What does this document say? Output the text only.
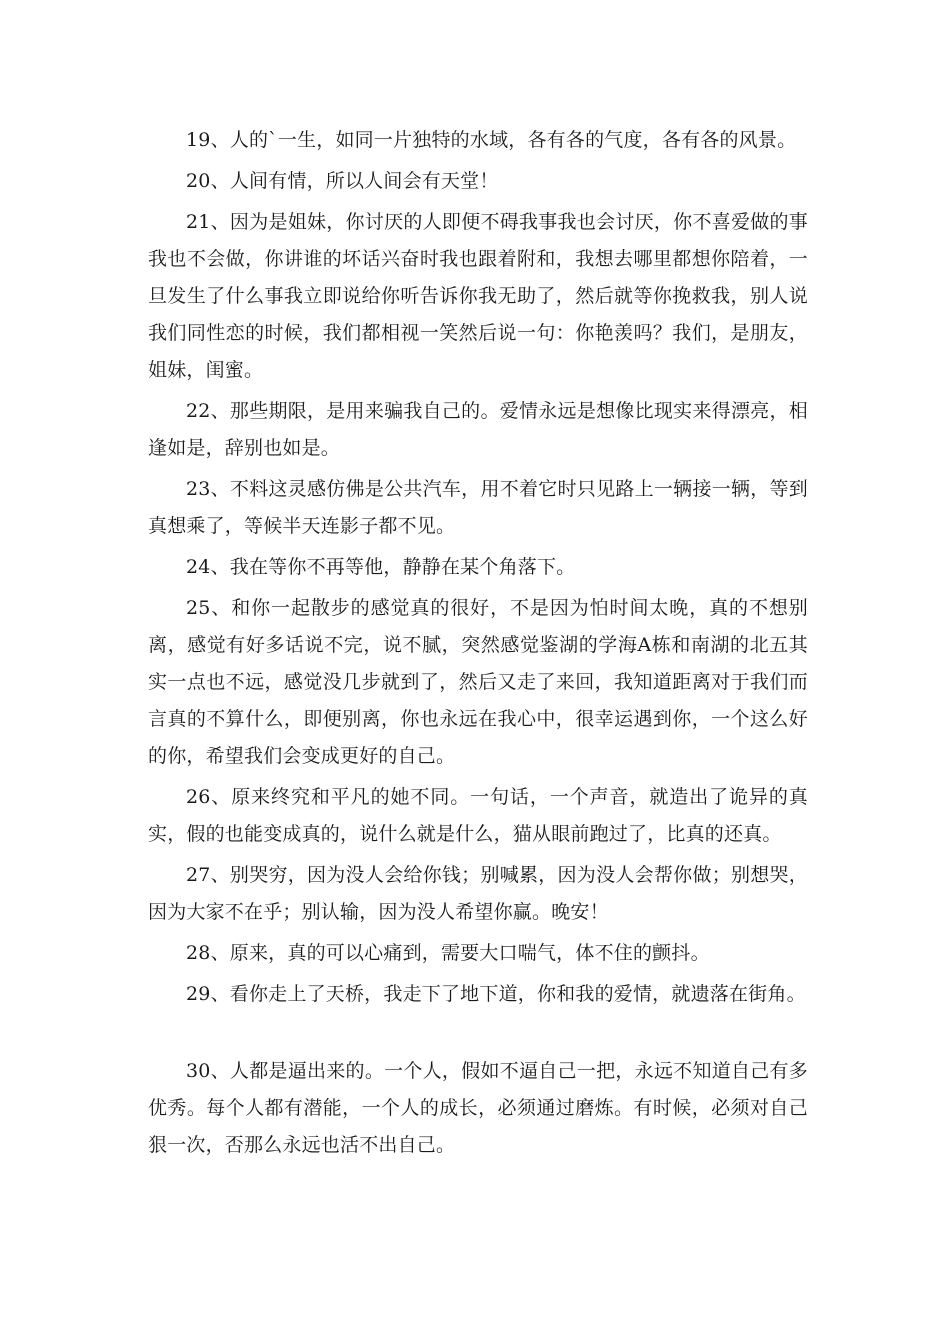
19、人的`一生，如同一片独特的水域，各有各的气度，各有各的风景。

20、人间有情，所以人间会有天堂！

21、因为是姐妹，你讨厌的人即便不碍我事我也会讨厌，你不喜爱做的事我也不会做，你讲谁的坏话兴奋时我也跟着附和，我想去哪里都想你陪着，一旦发生了什么事我立即说给你听告诉你我无助了，然后就等你挽救我，别人说我们同性恋的时候，我们都相视一笑然后说一句：你艳羡吗？我们，是朋友，姐妹，闺蜜。

22、那些期限，是用来骗我自己的。爱情永远是想像比现实来得漂亮，相逢如是，辞别也如是。

23、不料这灵感仿佛是公共汽车，用不着它时只见路上一辆接一辆，等到真想乘了，等候半天连影子都不见。

24、我在等你不再等他，静静在某个角落下。

25、和你一起散步的感觉真的很好，不是因为怕时间太晚，真的不想别离，感觉有好多话说不完，说不腻，突然感觉鉴湖的学海A栋和南湖的北五其实一点也不远，感觉没几步就到了，然后又走了来回，我知道距离对于我们而言真的不算什么，即便别离，你也永远在我心中，很幸运遇到你，一个这么好的你，希望我们会变成更好的自己。

26、原来终究和平凡的她不同。一句话，一个声音，就造出了诡异的真实，假的也能变成真的，说什么就是什么，猫从眼前跑过了，比真的还真。

27、别哭穷，因为没人会给你钱；别喊累，因为没人会帮你做；别想哭，因为大家不在乎；别认输，因为没人希望你赢。晚安！

28、原来，真的可以心痛到，需要大口喘气，体不住的颤抖。

29、看你走上了天桥，我走下了地下道，你和我的爱情，就遗落在街角。

30、人都是逼出来的。一个人，假如不逼自己一把，永远不知道自己有多优秀。每个人都有潜能，一个人的成长，必须通过磨炼。有时候，必须对自己狠一次，否那么永远也活不出自己。
